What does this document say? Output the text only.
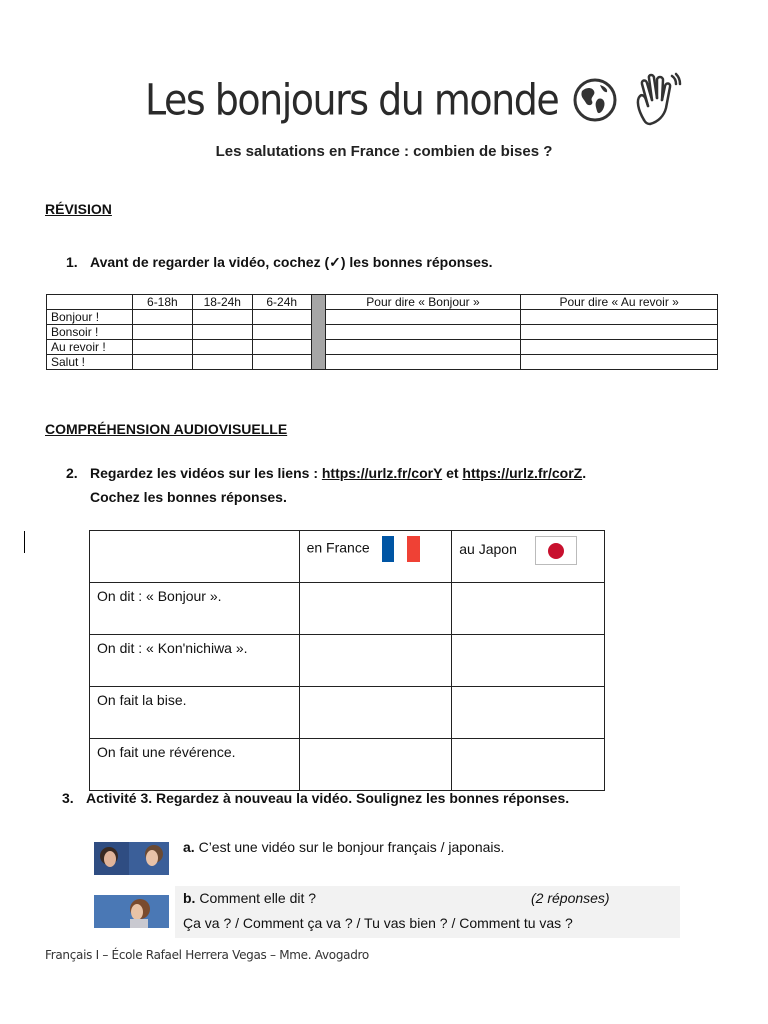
Les bonjours du monde
Les salutations en France : combien de bises ?
RÉVISION
1. Avant de regarder la vidéo, cochez (✓) les bonnes réponses.
	6-18h	18-24h	6-24h		Pour dire « Bonjour »	Pour dire « Au revoir »
Bonjour !						
Bonsoir !						
Au revoir !						
Salut !						
COMPRÉHENSION AUDIOVISUELLE
2. Regardez les vidéos sur les liens : https://urlz.fr/corY et https://urlz.fr/corZ.
Cochez les bonnes réponses.
	en France	au Japon

On dit : « Bonjour ».		
On dit : « Kon'nichiwa ».		
On fait la bise.		
On fait une révérence.		
3. Activité 3. Regardez à nouveau la vidéo. Soulignez les bonnes réponses.
a. C’est une vidéo sur le bonjour français / japonais.
b. Comment elle dit ?	(2 réponses)
Ça va ? / Comment ça va ? / Tu vas bien ? / Comment tu vas ?
Français I – École Rafael Herrera Vegas – Mme. Avogadro
